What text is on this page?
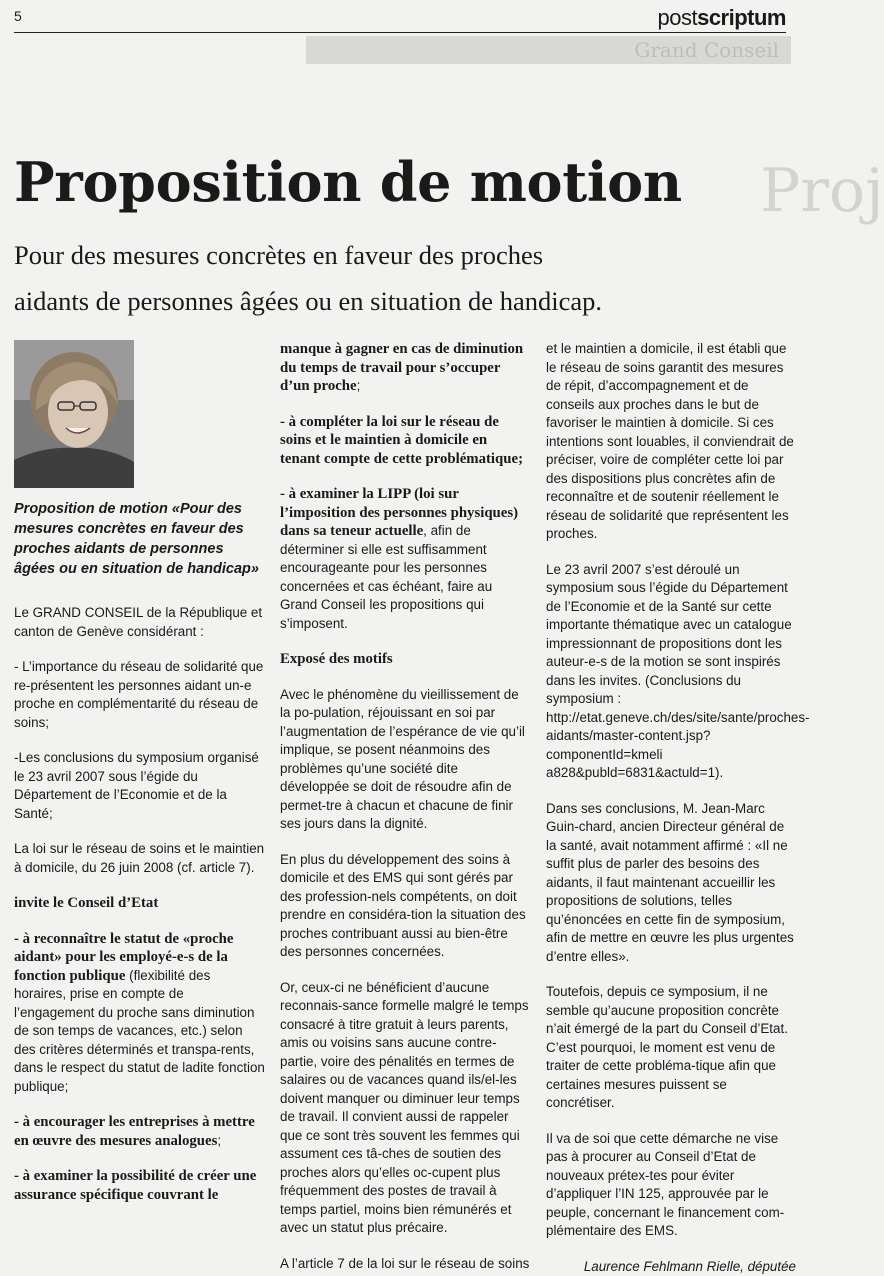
5	postscriptum
Grand Conseil
Proj
Proposition de motion
Pour des mesures concrètes en faveur des proches
aidants de personnes âgées ou en situation de handicap.
Proposition de motion «Pour des mesures concrètes en faveur des proches aidants de personnes âgées ou en situation de handicap»

Le GRAND CONSEIL de la République et canton de Genève considérant :

- L’importance du réseau de solidarité que re-présentent les personnes aidant un-e proche en complémentarité du réseau de soins;

-Les conclusions du symposium organisé le 23 avril 2007 sous l’égide du Département de l’Economie et de la Santé;

La loi sur le réseau de soins et le maintien à domicile, du 26 juin 2008 (cf. article 7).

invite le Conseil d’Etat

- à reconnaître le statut de «proche aidant» pour les employé-e-s de la fonction publique (flexibilité des horaires, prise en compte de l’engagement du proche sans diminution de son temps de vacances, etc.) selon des critères déterminés et transpa-rents, dans le respect du statut de ladite fonction publique;

- à encourager les entreprises à mettre en œuvre des mesures analogues;

- à examiner la possibilité de créer une assurance spécifique couvrant le

manque à gagner en cas de diminution du temps de travail pour s’occuper d’un proche;

- à compléter la loi sur le réseau de soins et le maintien à domicile en tenant compte de cette problématique;

- à examiner la LIPP (loi sur l’imposition des personnes physiques) dans sa teneur actuelle, afin de déterminer si elle est suffisamment encourageante pour les personnes concernées et cas échéant, faire au Grand Conseil les propositions qui s’imposent.

Exposé des motifs

Avec le phénomène du vieillissement de la po-pulation, réjouissant en soi par l’augmentation de l’espérance de vie qu’il implique, se posent néanmoins des problèmes qu’une société dite développée se doit de résoudre afin de permet-tre à chacun et chacune de finir ses jours dans la dignité.

En plus du développement des soins à domicile et des EMS qui sont gérés par des profession-nels compétents, on doit prendre en considéra-tion la situation des proches contribuant aussi au bien-être des personnes concernées.

Or, ceux-ci ne bénéficient d’aucune reconnais-sance formelle malgré le temps consacré à titre gratuit à leurs parents, amis ou voisins sans aucune contre-partie, voire des pénalités en termes de salaires ou de vacances quand ils/el-les doivent manquer ou diminuer leur temps de travail. Il convient aussi de rappeler que ce sont très souvent les femmes qui assument ces tâ-ches de soutien des proches alors qu’elles oc-cupent plus fréquemment des postes de travail à temps partiel, moins bien rémunérés et avec un statut plus précaire.

A l’article 7 de la loi sur le réseau de soins

et le maintien a domicile, il est établi que le réseau de soins garantit des mesures de répit, d’accompagnement et de conseils aux proches dans le but de favoriser le maintien à domicile. Si ces intentions sont louables, il conviendrait de préciser, voire de compléter cette loi par des dispositions plus concrètes afin de reconnaître et de soutenir réellement le réseau de solidarité que représentent les proches.

Le 23 avril 2007 s’est déroulé un symposium sous l’égide du Département de l’Economie et de la Santé sur cette importante thématique avec un catalogue impressionnant de propositions dont les auteur-e-s de la motion se sont inspirés dans les invites. (Conclusions du symposium : http://etat.geneve.ch/des/site/sante/proches-aidants/master-content.jsp?componentId=kmeli a828&publd=6831&actuld=1).

Dans ses conclusions, M. Jean-Marc Guin-chard, ancien Directeur général de la santé, avait notamment affirmé : «Il ne suffit plus de parler des besoins des aidants, il faut maintenant accueillir les propositions de solutions, telles qu’énoncées en cette fin de symposium, afin de mettre en œuvre les plus urgentes d’entre elles».

Toutefois, depuis ce symposium, il ne semble qu’aucune proposition concrète n’ait émergé de la part du Conseil d’Etat. C’est pourquoi, le moment est venu de traiter de cette probléma-tique afin que certaines mesures puissent se concrétiser.

Il va de soi que cette démarche ne vise pas à procurer au Conseil d’Etat de nouveaux prétex-tes pour éviter d’appliquer l’IN 125, approuvée par le peuple, concernant le financement com-plémentaire des EMS.

Laurence Fehlmann Rielle, députée
